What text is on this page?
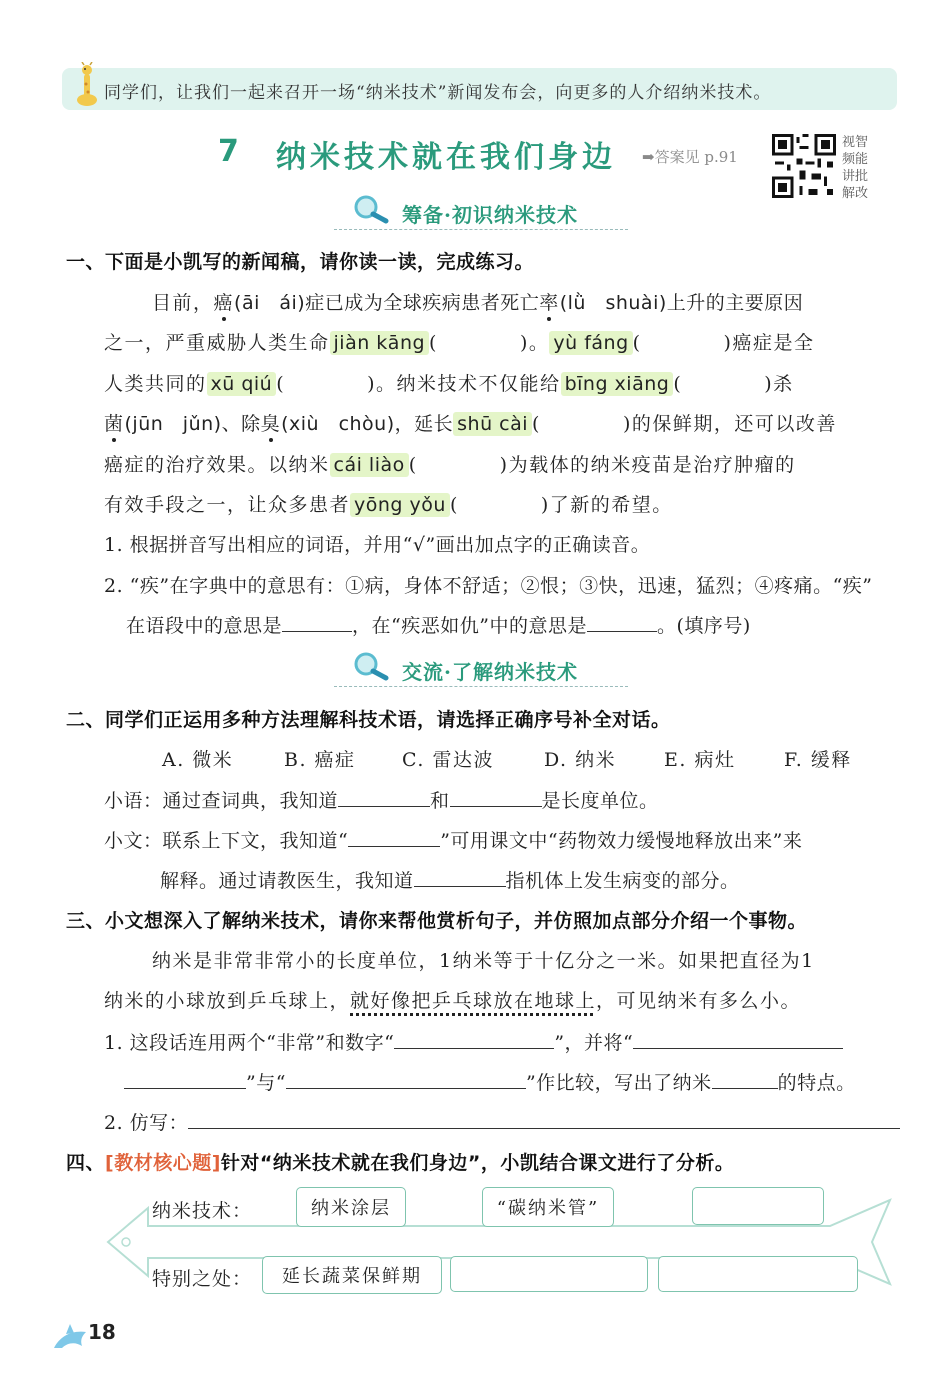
同学们，让我们一起来召开一场“纳米技术”新闻发布会，向更多的人介绍纳米技术。
7 纳米技术就在我们身边 ➡答案见 p.91
视智
频能
讲批
解改
筹备·初识纳米技术
一、下面是小凯写的新闻稿，请你读一读，完成练习。
目前，癌(āi　ái)症已成为全球疾病患者死亡率(lǜ　shuài)上升的主要原因
之一，严重威胁人类生命 jiàn kāng (　　　　)。 yù fáng (　　　　)癌症是全
人类共同的 xū qiú (　　　　)。纳米技术不仅能给 bīng xiāng (　　　　)杀
菌(jūn　jǔn)、除臭(xiù　chòu)，延长 shū cài (　　　　)的保鲜期，还可以改善
癌症的治疗效果。以纳米 cái liào (　　　　)为载体的纳米疫苗是治疗肿瘤的
有效手段之一，让众多患者 yōng yǒu (　　　　)了新的希望。
1. 根据拼音写出相应的词语，并用“√”画出加点字的正确读音。
2. “疾”在字典中的意思有：①病，身体不舒适；②恨；③快，迅速，猛烈；④疼痛。“疾”
在语段中的意思是	，在“疾恶如仇”中的意思是	。(填序号)
交流·了解纳米技术
二、同学们正运用多种方法理解科技术语，请选择正确序号补全对话。
A. 微米	B. 癌症 C. 雷达波	D. 纳米	E. 病灶	F. 缓释
小语：通过查词典，我知道	和	是长度单位。
小文：联系上下文，我知道“	”可用课文中“药物效力缓慢地释放出来”来
解释。通过请教医生，我知道	指机体上发生病变的部分。
三、小文想深入了解纳米技术，请你来帮他赏析句子，并仿照加点部分介绍一个事物。
纳米是非常非常小的长度单位，1纳米等于十亿分之一米。如果把直径为1
纳米的小球放到乒乓球上，就好像把乒乓球放在地球上，可见纳米有多么小。
1. 这段话连用两个“非常”和数字“	”，并将“
”与“	”作比较，写出了纳米	的特点。
2. 仿写：
四、[教材核心题]针对“纳米技术就在我们身边”，小凯结合课文进行了分析。
纳米技术：	纳米涂层	“碳纳米管”
特别之处：	延长蔬菜保鲜期
18
